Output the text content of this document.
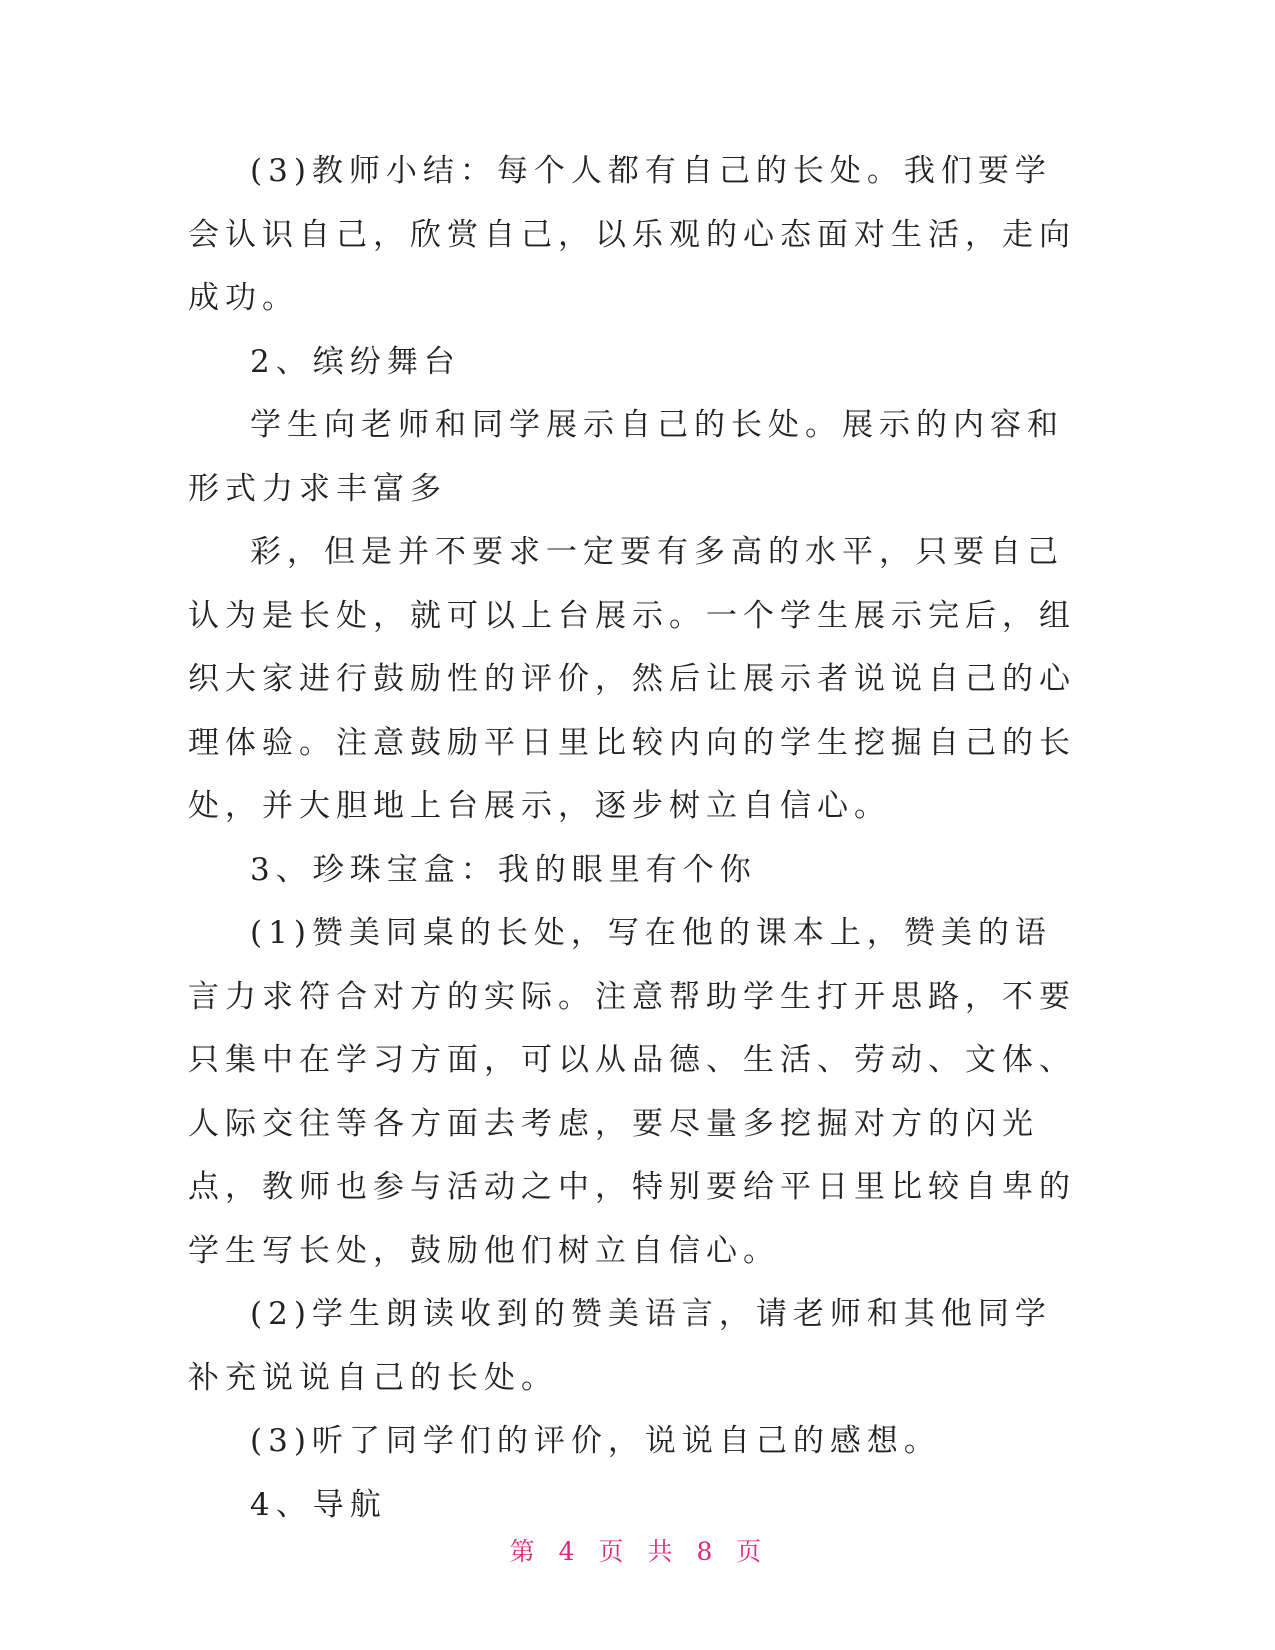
(3)教师小结：每个人都有自己的长处。我们要学会认识自己，欣赏自己，以乐观的心态面对生活，走向成功。

2、缤纷舞台

学生向老师和同学展示自己的长处。展示的内容和形式力求丰富多

彩，但是并不要求一定要有多高的水平，只要自己认为是长处，就可以上台展示。一个学生展示完后，组织大家进行鼓励性的评价，然后让展示者说说自己的心理体验。注意鼓励平日里比较内向的学生挖掘自己的长处，并大胆地上台展示，逐步树立自信心。

3、珍珠宝盒：我的眼里有个你

(1)赞美同桌的长处，写在他的课本上，赞美的语言力求符合对方的实际。注意帮助学生打开思路，不要只集中在学习方面，可以从品德、生活、劳动、文体、人际交往等各方面去考虑，要尽量多挖掘对方的闪光点，教师也参与活动之中，特别要给平日里比较自卑的学生写长处，鼓励他们树立自信心。

(2)学生朗读收到的赞美语言，请老师和其他同学补充说说自己的长处。

(3)听了同学们的评价，说说自己的感想。

4、导航

第 4 页 共 8 页
